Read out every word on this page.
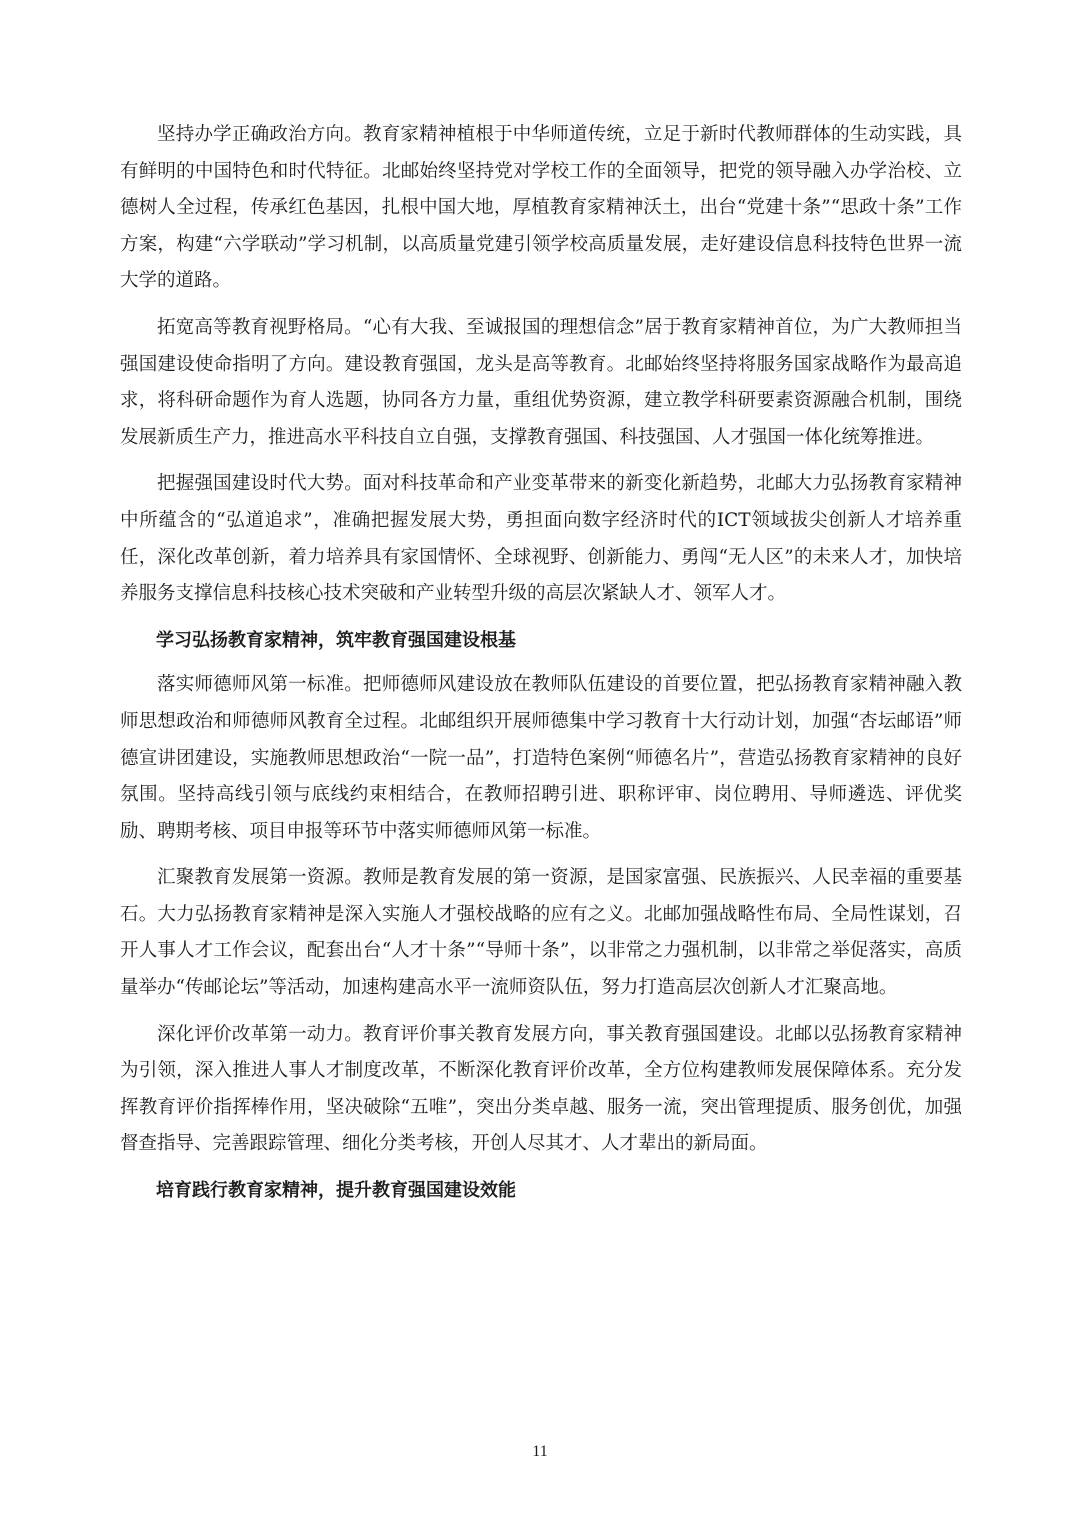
坚持办学正确政治方向。教育家精神植根于中华师道传统，立足于新时代教师群体的生动实践，具有鲜明的中国特色和时代特征。北邮始终坚持党对学校工作的全面领导，把党的领导融入办学治校、立德树人全过程，传承红色基因，扎根中国大地，厚植教育家精神沃土，出台“党建十条”“思政十条”工作方案，构建“六学联动”学习机制，以高质量党建引领学校高质量发展，走好建设信息科技特色世界一流大学的道路。

拓宽高等教育视野格局。“心有大我、至诚报国的理想信念”居于教育家精神首位，为广大教师担当强国建设使命指明了方向。建设教育强国，龙头是高等教育。北邮始终坚持将服务国家战略作为最高追求，将科研命题作为育人选题，协同各方力量，重组优势资源，建立教学科研要素资源融合机制，围绕发展新质生产力，推进高水平科技自立自强，支撑教育强国、科技强国、人才强国一体化统筹推进。

把握强国建设时代大势。面对科技革命和产业变革带来的新变化新趋势，北邮大力弘扬教育家精神中所蕴含的“弘道追求”，准确把握发展大势，勇担面向数字经济时代的ICT领域拔尖创新人才培养重任，深化改革创新，着力培养具有家国情怀、全球视野、创新能力、勇闯“无人区”的未来人才，加快培养服务支撑信息科技核心技术突破和产业转型升级的高层次紧缺人才、领军人才。

学习弘扬教育家精神，筑牢教育强国建设根基

落实师德师风第一标准。把师德师风建设放在教师队伍建设的首要位置，把弘扬教育家精神融入教师思想政治和师德师风教育全过程。北邮组织开展师德集中学习教育十大行动计划，加强“杏坛邮语”师德宣讲团建设，实施教师思想政治“一院一品”，打造特色案例“师德名片”，营造弘扬教育家精神的良好氛围。坚持高线引领与底线约束相结合，在教师招聘引进、职称评审、岗位聘用、导师遴选、评优奖励、聘期考核、项目申报等环节中落实师德师风第一标准。

汇聚教育发展第一资源。教师是教育发展的第一资源，是国家富强、民族振兴、人民幸福的重要基石。大力弘扬教育家精神是深入实施人才强校战略的应有之义。北邮加强战略性布局、全局性谋划，召开人事人才工作会议，配套出台“人才十条”“导师十条”，以非常之力强机制，以非常之举促落实，高质量举办“传邮论坛”等活动，加速构建高水平一流师资队伍，努力打造高层次创新人才汇聚高地。

深化评价改革第一动力。教育评价事关教育发展方向，事关教育强国建设。北邮以弘扬教育家精神为引领，深入推进人事人才制度改革，不断深化教育评价改革，全方位构建教师发展保障体系。充分发挥教育评价指挥棒作用，坚决破除“五唯”，突出分类卓越、服务一流，突出管理提质、服务创优，加强督查指导、完善跟踪管理、细化分类考核，开创人尽其才、人才辈出的新局面。

培育践行教育家精神，提升教育强国建设效能

11
